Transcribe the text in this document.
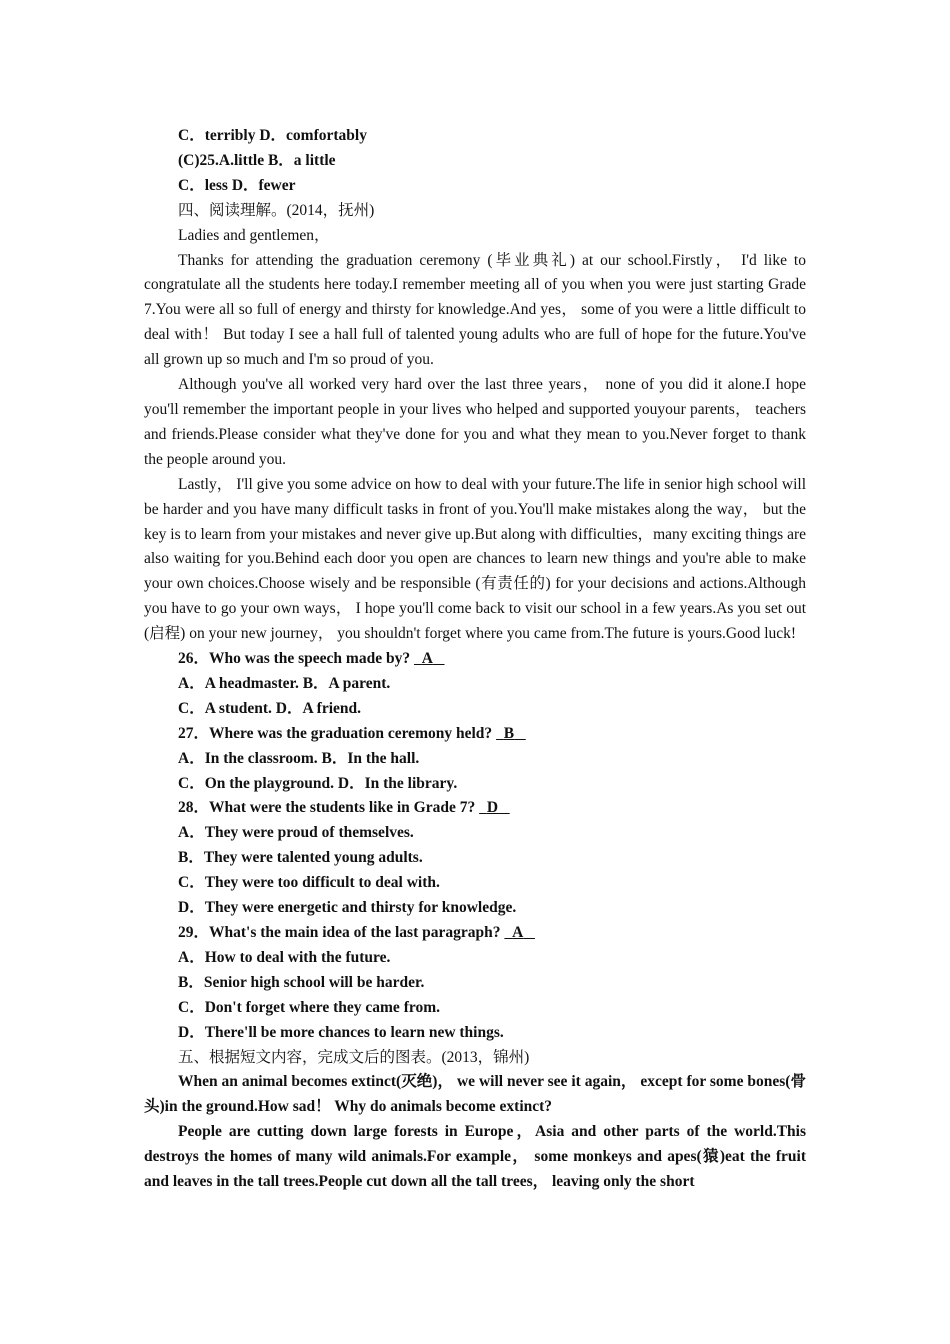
C．terribly D．comfortably

(C)25.A.little B．a little

C．less D．fewer

四、阅读理解。(2014，抚州)

Ladies and gentlemen，

Thanks for attending the graduation ceremony (毕业典礼) at our school.Firstly， I'd like to congratulate all the students here today.I remember meeting all of you when you were just starting Grade 7.You were all so full of energy and thirsty for knowledge.And yes， some of you were a little difficult to deal with！ But today I see a hall full of talented young adults who are full of hope for the future.You've all grown up so much and I'm so proud of you.

Although you've all worked very hard over the last three years， none of you did it alone.I hope you'll remember the important people in your lives who helped and supported youyour parents， teachers and friends.Please consider what they've done for you and what they mean to you.Never forget to thank the people around you.

Lastly， I'll give you some advice on how to deal with your future.The life in senior high school will be harder and you have many difficult tasks in front of you.You'll make mistakes along the way， but the key is to learn from your mistakes and never give up.But along with difficulties，many exciting things are also waiting for you.Behind each door you open are chances to learn new things and you're able to make your own choices.Choose wisely and be responsible (有责任的) for your decisions and actions.Although you have to go your own ways， I hope you'll come back to visit our school in a few years.As you set out (启程) on your new journey， you shouldn't forget where you came from.The future is yours.Good luck!

26．Who was the speech made by? A

A．A headmaster. B．A parent.

C．A student. D．A friend.

27．Where was the graduation ceremony held? B

A．In the classroom. B．In the hall.

C．On the playground. D．In the library.

28．What were the students like in Grade 7? D

A．They were proud of themselves.

B．They were talented young adults.

C．They were too difficult to deal with.

D．They were energetic and thirsty for knowledge.

29．What's the main idea of the last paragraph? A

A．How to deal with the future.

B．Senior high school will be harder.

C．Don't forget where they came from.

D．There'll be more chances to learn new things.

五、根据短文内容，完成文后的图表。(2013，锦州)

When an animal becomes extinct(灭绝)， we will never see it again， except for some bones(骨头)in the ground.How sad！ Why do animals become extinct?

People are cutting down large forests in Europe，Asia and other parts of the world.This destroys the homes of many wild animals.For example， some monkeys and apes(猿)eat the fruit and leaves in the tall trees.People cut down all the tall trees， leaving only the short
